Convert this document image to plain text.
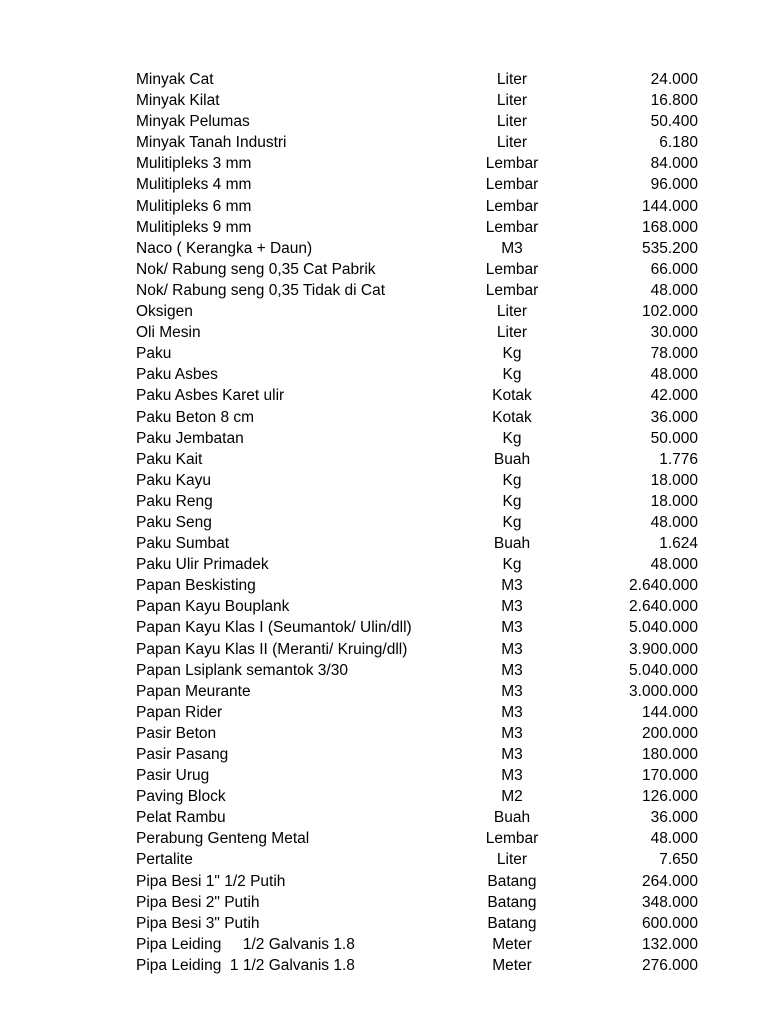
Minyak Cat	Liter	24.000
Minyak Kilat	Liter	16.800
Minyak Pelumas	Liter	50.400
Minyak Tanah Industri	Liter	6.180
Mulitipleks 3 mm	Lembar	84.000
Mulitipleks 4 mm	Lembar	96.000
Mulitipleks 6 mm	Lembar	144.000
Mulitipleks 9 mm	Lembar	168.000
Naco ( Kerangka + Daun)	M3	535.200
Nok/ Rabung seng 0,35 Cat Pabrik	Lembar	66.000
Nok/ Rabung seng 0,35 Tidak di Cat	Lembar	48.000
Oksigen	Liter	102.000
Oli Mesin	Liter	30.000
Paku	Kg	78.000
Paku Asbes	Kg	48.000
Paku Asbes Karet ulir	Kotak	42.000
Paku Beton 8 cm	Kotak	36.000
Paku Jembatan	Kg	50.000
Paku Kait	Buah	1.776
Paku Kayu	Kg	18.000
Paku Reng	Kg	18.000
Paku Seng	Kg	48.000
Paku Sumbat	Buah	1.624
Paku Ulir Primadek	Kg	48.000
Papan Beskisting	M3	2.640.000
Papan Kayu Bouplank	M3	2.640.000
Papan Kayu Klas I (Seumantok/ Ulin/dll)	M3	5.040.000
Papan Kayu Klas II (Meranti/ Kruing/dll)	M3	3.900.000
Papan Lsiplank semantok 3/30	M3	5.040.000
Papan Meurante	M3	3.000.000
Papan Rider	M3	144.000
Pasir Beton	M3	200.000
Pasir Pasang	M3	180.000
Pasir Urug	M3	170.000
Paving Block	M2	126.000
Pelat Rambu	Buah	36.000
Perabung Genteng Metal	Lembar	48.000
Pertalite	Liter	7.650
Pipa Besi 1" 1/2 Putih	Batang	264.000
Pipa Besi 2" Putih	Batang	348.000
Pipa Besi 3" Putih	Batang	600.000
Pipa Leiding     1/2 Galvanis 1.8	Meter	132.000
Pipa Leiding  1 1/2 Galvanis 1.8	Meter	276.000
